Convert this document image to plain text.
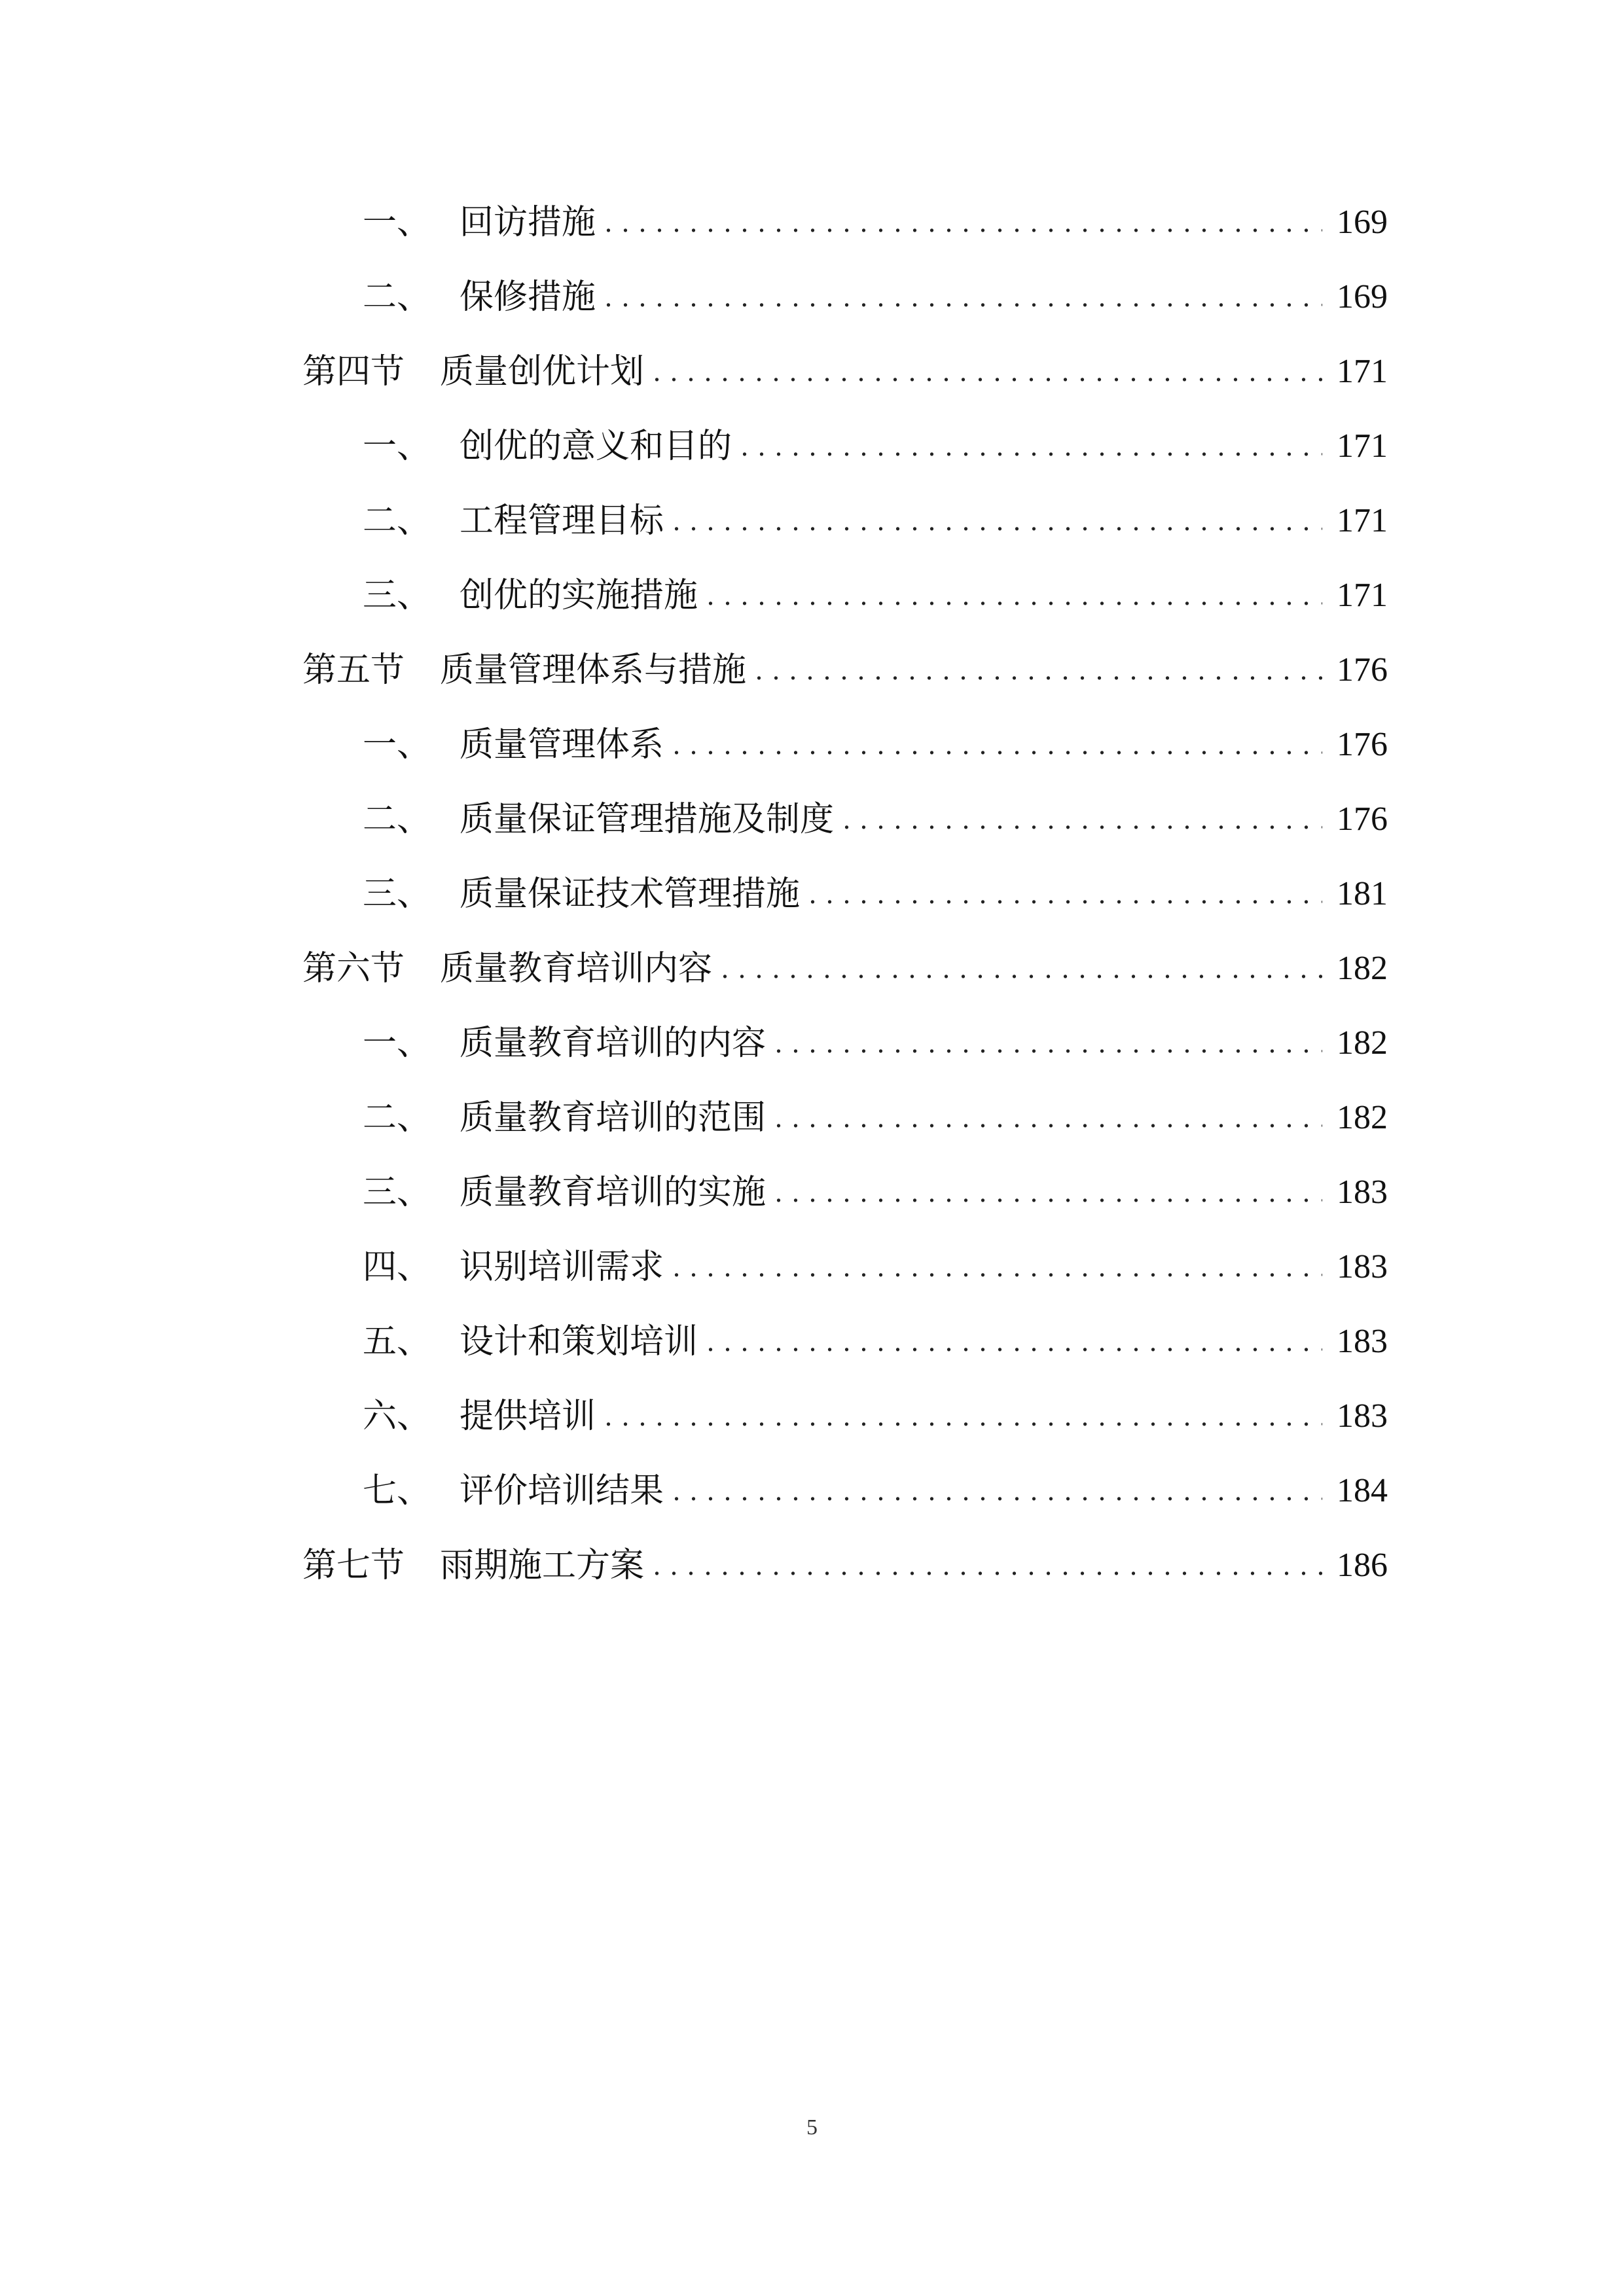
一、 回访措施 . . .	169
二、 保修措施 . . .	169
第四节	质量创优计划 . . .	171
一、 创优的意义和目的 . . .	171
二、 工程管理目标 . . .	171
三、 创优的实施措施 . . .	171
第五节	质量管理体系与措施 . . .	176
一、 质量管理体系 . . .	176
二、 质量保证管理措施及制度 . . .	176
三、 质量保证技术管理措施 . . .	181
第六节	质量教育培训内容 . . .	182
一、 质量教育培训的内容 . . .	182
二、 质量教育培训的范围 . . .	182
三、 质量教育培训的实施 . . .	183
四、 识别培训需求 . . .	183
五、 设计和策划培训 . . .	183
六、 提供培训 . . .	183
七、 评价培训结果 . . .	184
第七节	雨期施工方案 . . .	186
5
